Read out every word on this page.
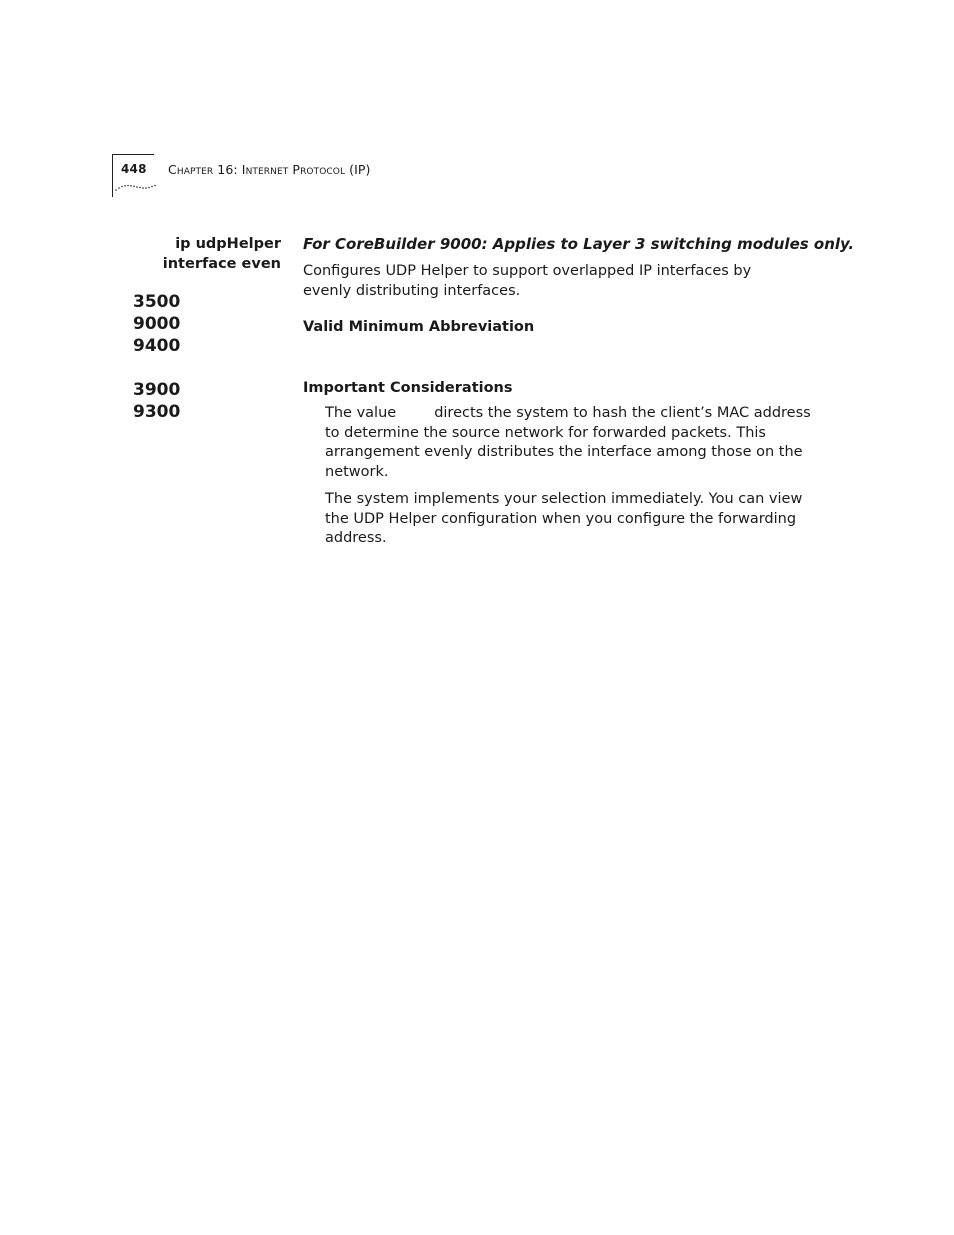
448 Chapter 16: Internet Protocol (IP)
ip udpHelper
interface even
3500
9000
9400
3900
9300
For CoreBuilder 9000: Applies to Layer 3 switching modules only.
Configures UDP Helper to support overlapped IP interfaces by evenly distributing interfaces.
Valid Minimum Abbreviation
Important Considerations
The value	directs the system to hash the client’s MAC address to determine the source network for forwarded packets. This arrangement evenly distributes the interface among those on the network.
The system implements your selection immediately. You can view the UDP Helper configuration when you configure the forwarding address.
